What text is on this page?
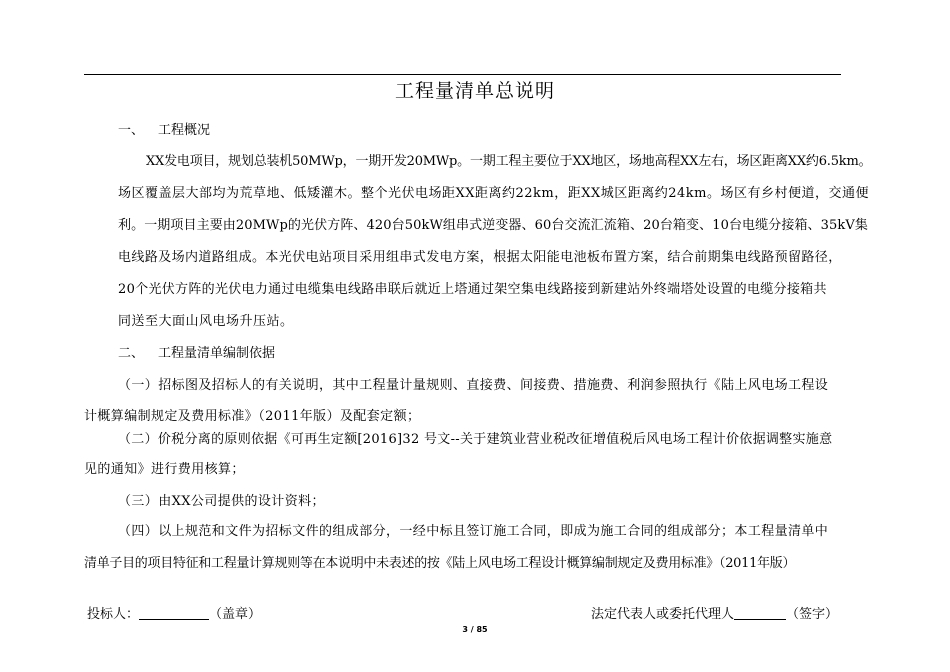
工程量清单总说明
一、 工程概况
XX发电项目，规划总装机50MWp，一期开发20MWp。一期工程主要位于XX地区，场地高程XX左右，场区距离XX约6.5km。
场区覆盖层大部均为荒草地、低矮灌木。整个光伏电场距XX距离约22km，距XX城区距离约24km。场区有乡村便道，交通便
利。一期项目主要由20MWp的光伏方阵、420台50kW组串式逆变器、60台交流汇流箱、20台箱变、10台电缆分接箱、35kV集
电线路及场内道路组成。本光伏电站项目采用组串式发电方案，根据太阳能电池板布置方案，结合前期集电线路预留路径，
20个光伏方阵的光伏电力通过电缆集电线路串联后就近上塔通过架空集电线路接到新建站外终端塔处设置的电缆分接箱共
同送至大面山风电场升压站。
二、 工程量清单编制依据
（一）招标图及招标人的有关说明，其中工程量计量规则、直接费、间接费、措施费、利润参照执行《陆上风电场工程设
计概算编制规定及费用标准》（2011年版）及配套定额；
（二）价税分离的原则依据《可再生定额[2016]32 号文--关于建筑业营业税改征增值税后风电场工程计价依据调整实施意
见的通知》进行费用核算；
（三）由XX公司提供的设计资料；
（四）以上规范和文件为招标文件的组成部分，一经中标且签订施工合同，即成为施工合同的组成部分；本工程量清单中
清单子目的项目特征和工程量计算规则等在本说明中未表述的按《陆上风电场工程设计概算编制规定及费用标准》（2011年版）
投标人：	（盖章）	法定代表人或委托代理人	（签字）
3 / 85
